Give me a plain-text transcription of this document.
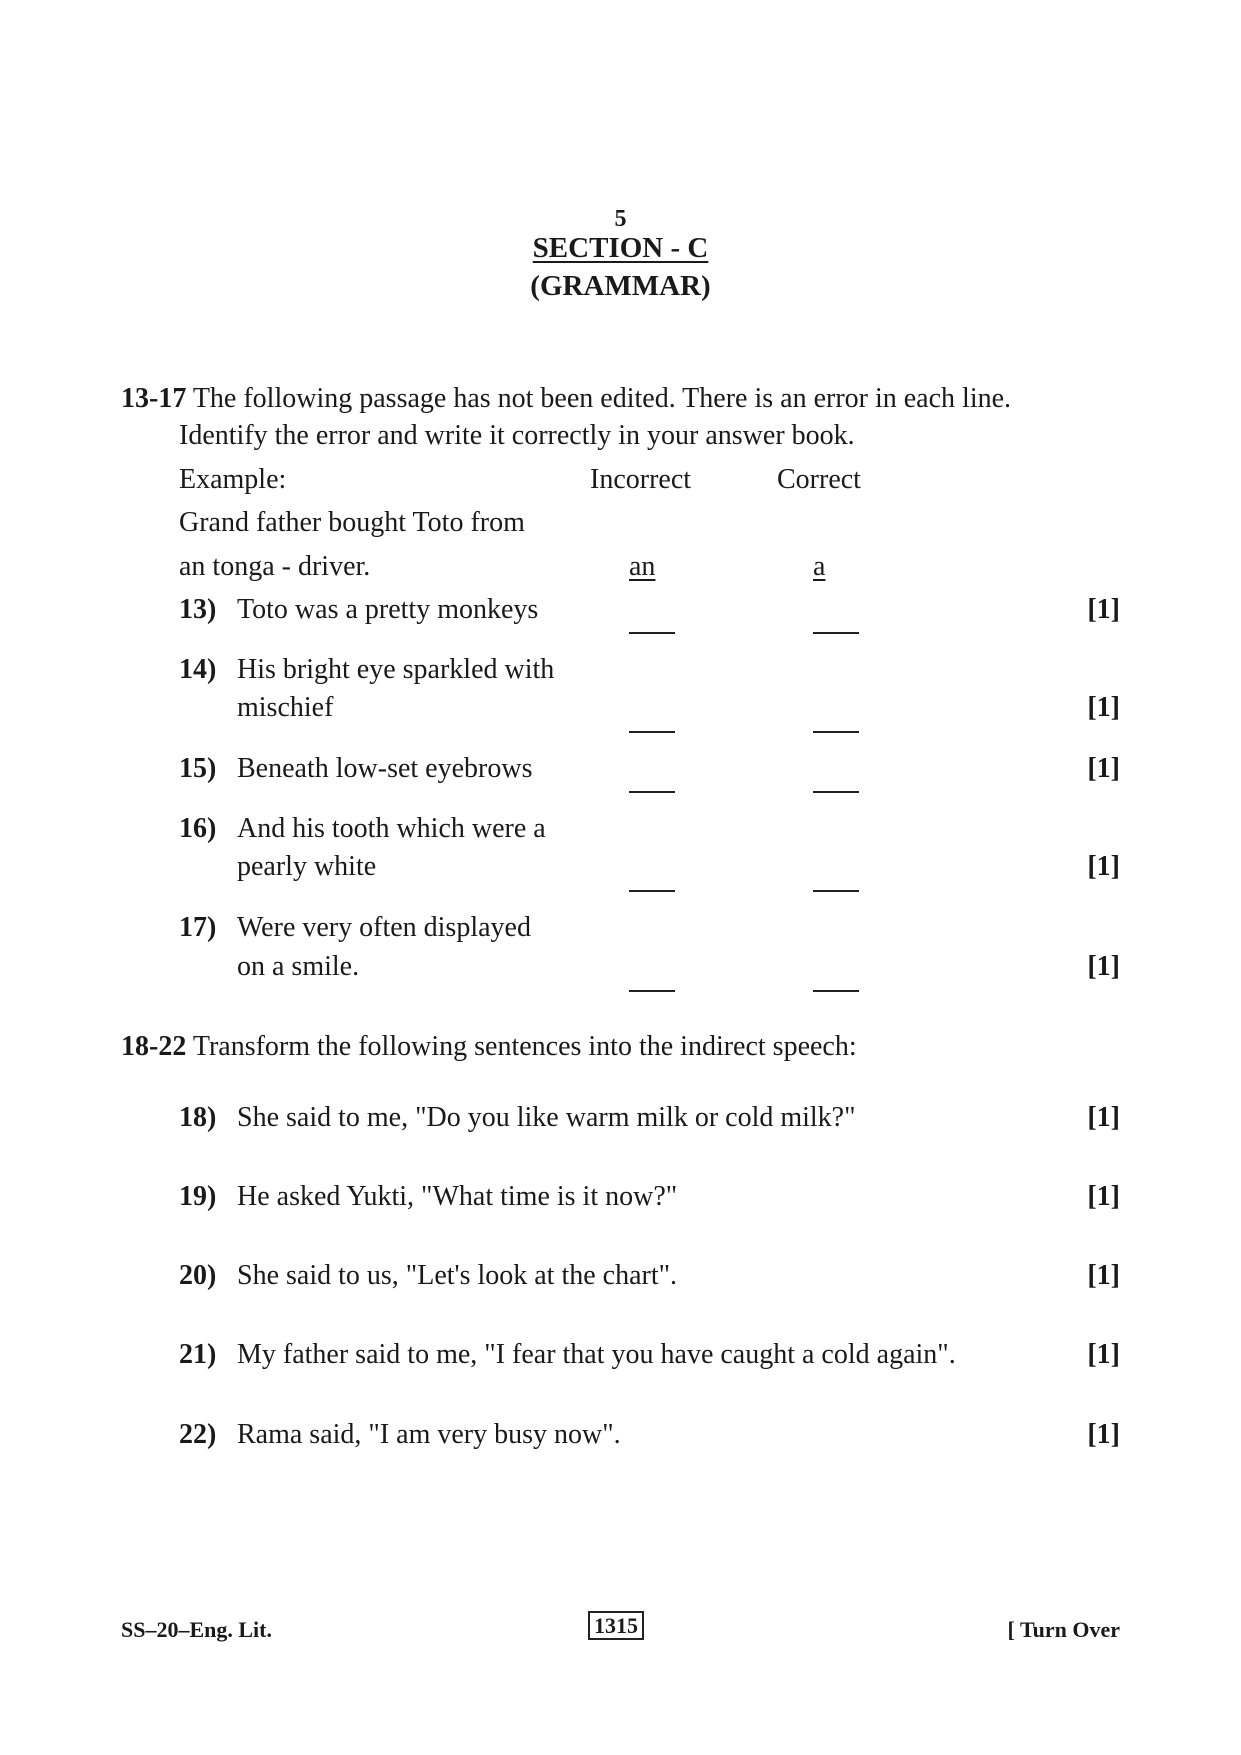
5
SECTION - C
(GRAMMAR)
13-17 The following passage has not been edited. There is an error in each line.
Identify the error and write it correctly in your answer book.
Example:	Incorrect	Correct
Grand father bought Toto from
an tonga - driver.	an	a
13) Toto was a pretty monkeys	[1]
14) His bright eye sparkled with
mischief	[1]
15) Beneath low-set eyebrows	[1]
16) And his tooth which were a
pearly white	[1]
17) Were very often displayed
on a smile.	[1]
18-22 Transform the following sentences into the indirect speech:
18) She said to me, "Do you like warm milk or cold milk?"	[1]
19) He asked Yukti, "What time is it now?"	[1]
20) She said to us, "Let's look at the chart".	[1]
21) My father said to me, "I fear that you have caught a cold again".	[1]
22) Rama said, "I am very busy now".	[1]
SS–20–Eng. Lit.	1315	[ Turn Over
